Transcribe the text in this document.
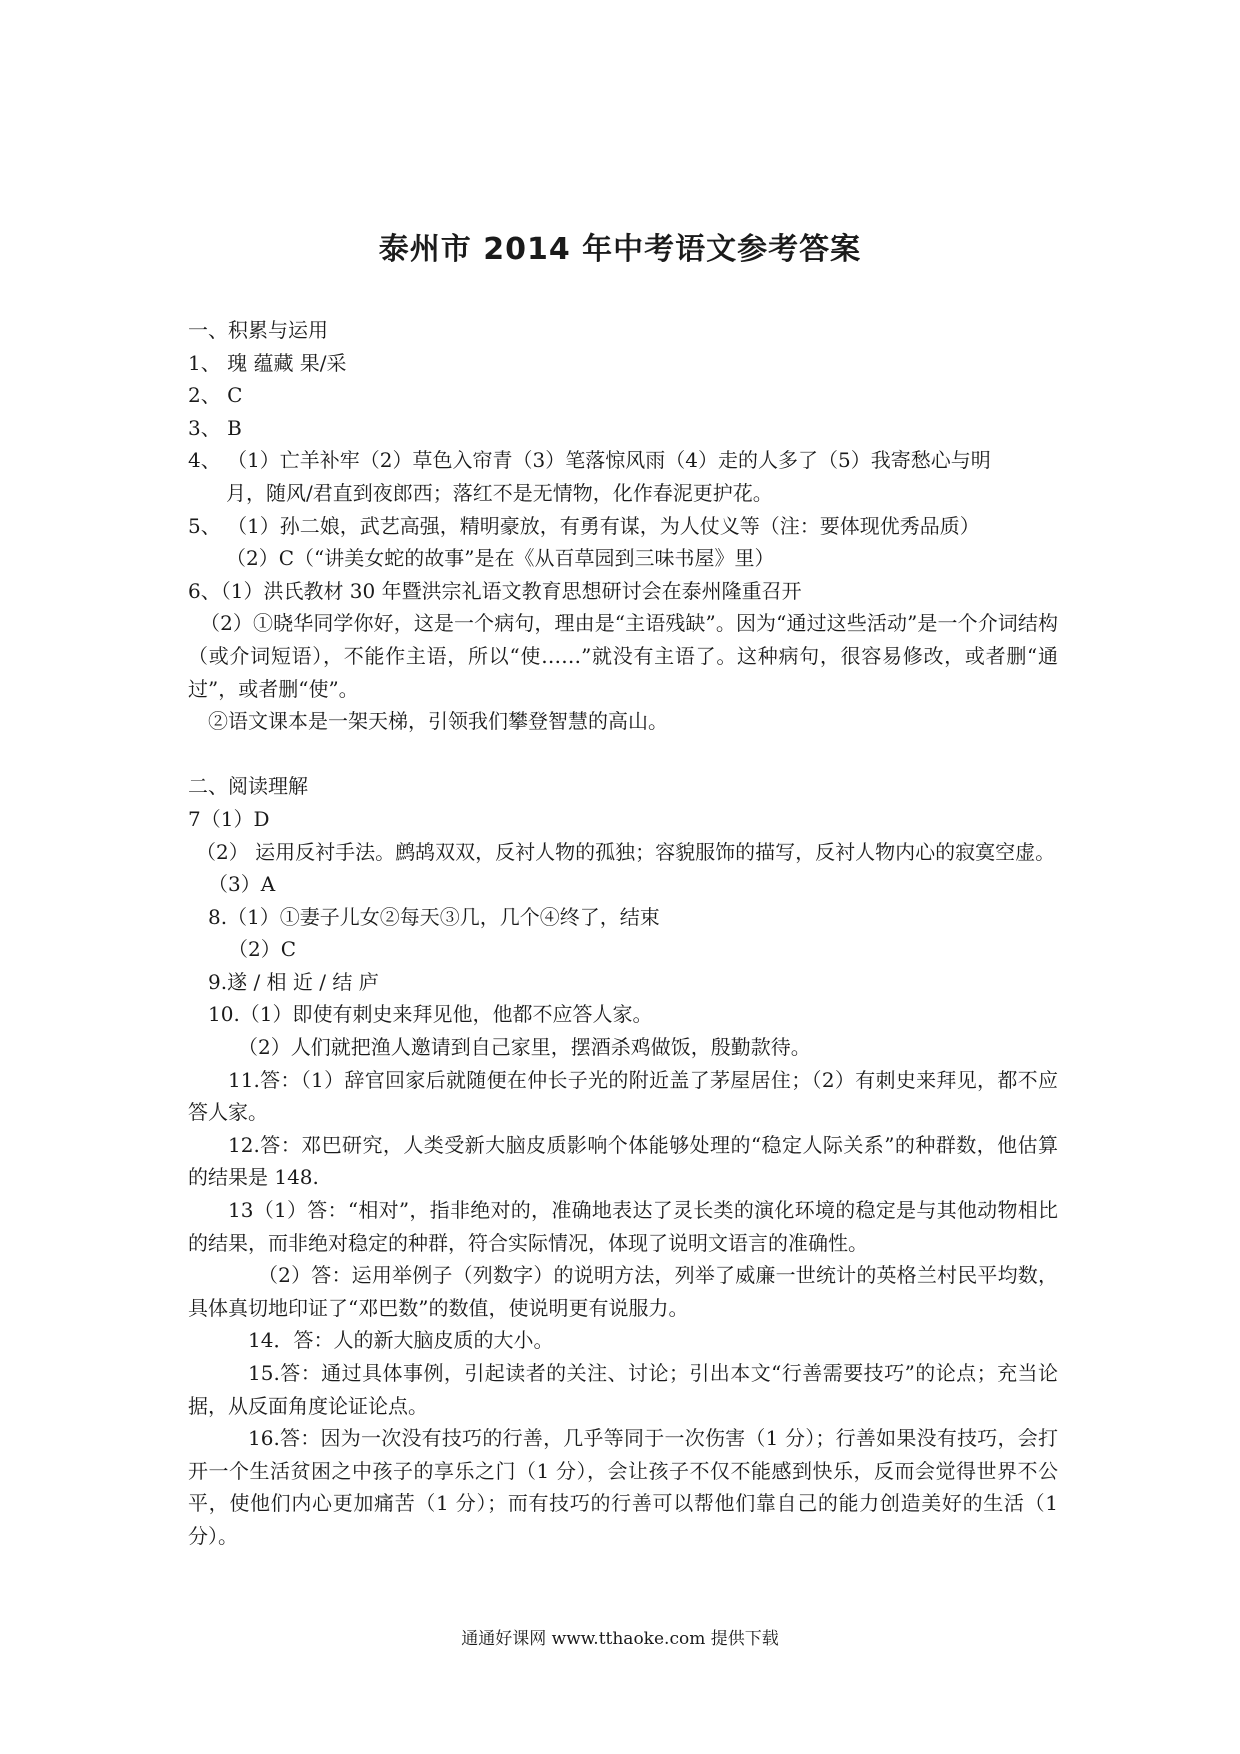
泰州市 2014 年中考语文参考答案
一、积累与运用
1、 瑰 蕴藏 果/采
2、 C
3、 B
4、 （1）亡羊补牢（2）草色入帘青（3）笔落惊风雨（4）走的人多了（5）我寄愁心与明
月，随风/君直到夜郎西；落红不是无情物，化作春泥更护花。
5、 （1）孙二娘，武艺高强，精明豪放，有勇有谋，为人仗义等（注：要体现优秀品质）
（2）C（“讲美女蛇的故事”是在《从百草园到三味书屋》里）
6、（1）洪氏教材 30 年暨洪宗礼语文教育思想研讨会在泰州隆重召开
（2）①晓华同学你好，这是一个病句，理由是“主语残缺”。因为“通过这些活动”是一个介词结构（或介词短语），不能作主语，所以“使……”就没有主语了。这种病句，很容易修改，或者删“通过”，或者删“使”。
②语文课本是一架天梯，引领我们攀登智慧的高山。
二、阅读理解
7（1）D
（2） 运用反衬手法。鹧鸪双双，反衬人物的孤独；容貌服饰的描写，反衬人物内心的寂寞空虚。
（3）A
8.（1）①妻子儿女②每天③几，几个④终了，结束
（2）C
9.遂 / 相 近 / 结 庐
10.（1）即使有刺史来拜见他，他都不应答人家。
（2）人们就把渔人邀请到自己家里，摆酒杀鸡做饭，殷勤款待。
11.答：（1）辞官回家后就随便在仲长子光的附近盖了茅屋居住；（2）有刺史来拜见，都不应答人家。
12.答：邓巴研究，人类受新大脑皮质影响个体能够处理的“稳定人际关系”的种群数，他估算的结果是 148.
13（1）答：“相对”，指非绝对的，准确地表达了灵长类的演化环境的稳定是与其他动物相比的结果，而非绝对稳定的种群，符合实际情况，体现了说明文语言的准确性。
（2）答：运用举例子（列数字）的说明方法，列举了威廉一世统计的英格兰村民平均数，具体真切地印证了“邓巴数”的数值，使说明更有说服力。
14．答：人的新大脑皮质的大小。
15.答：通过具体事例，引起读者的关注、讨论；引出本文“行善需要技巧”的论点；充当论据，从反面角度论证论点。
16.答：因为一次没有技巧的行善，几乎等同于一次伤害（1 分）；行善如果没有技巧，会打开一个生活贫困之中孩子的享乐之门（1 分），会让孩子不仅不能感到快乐，反而会觉得世界不公平，使他们内心更加痛苦（1 分）；而有技巧的行善可以帮他们靠自己的能力创造美好的生活（1 分）。
通通好课网 www.tthaoke.com 提供下载
